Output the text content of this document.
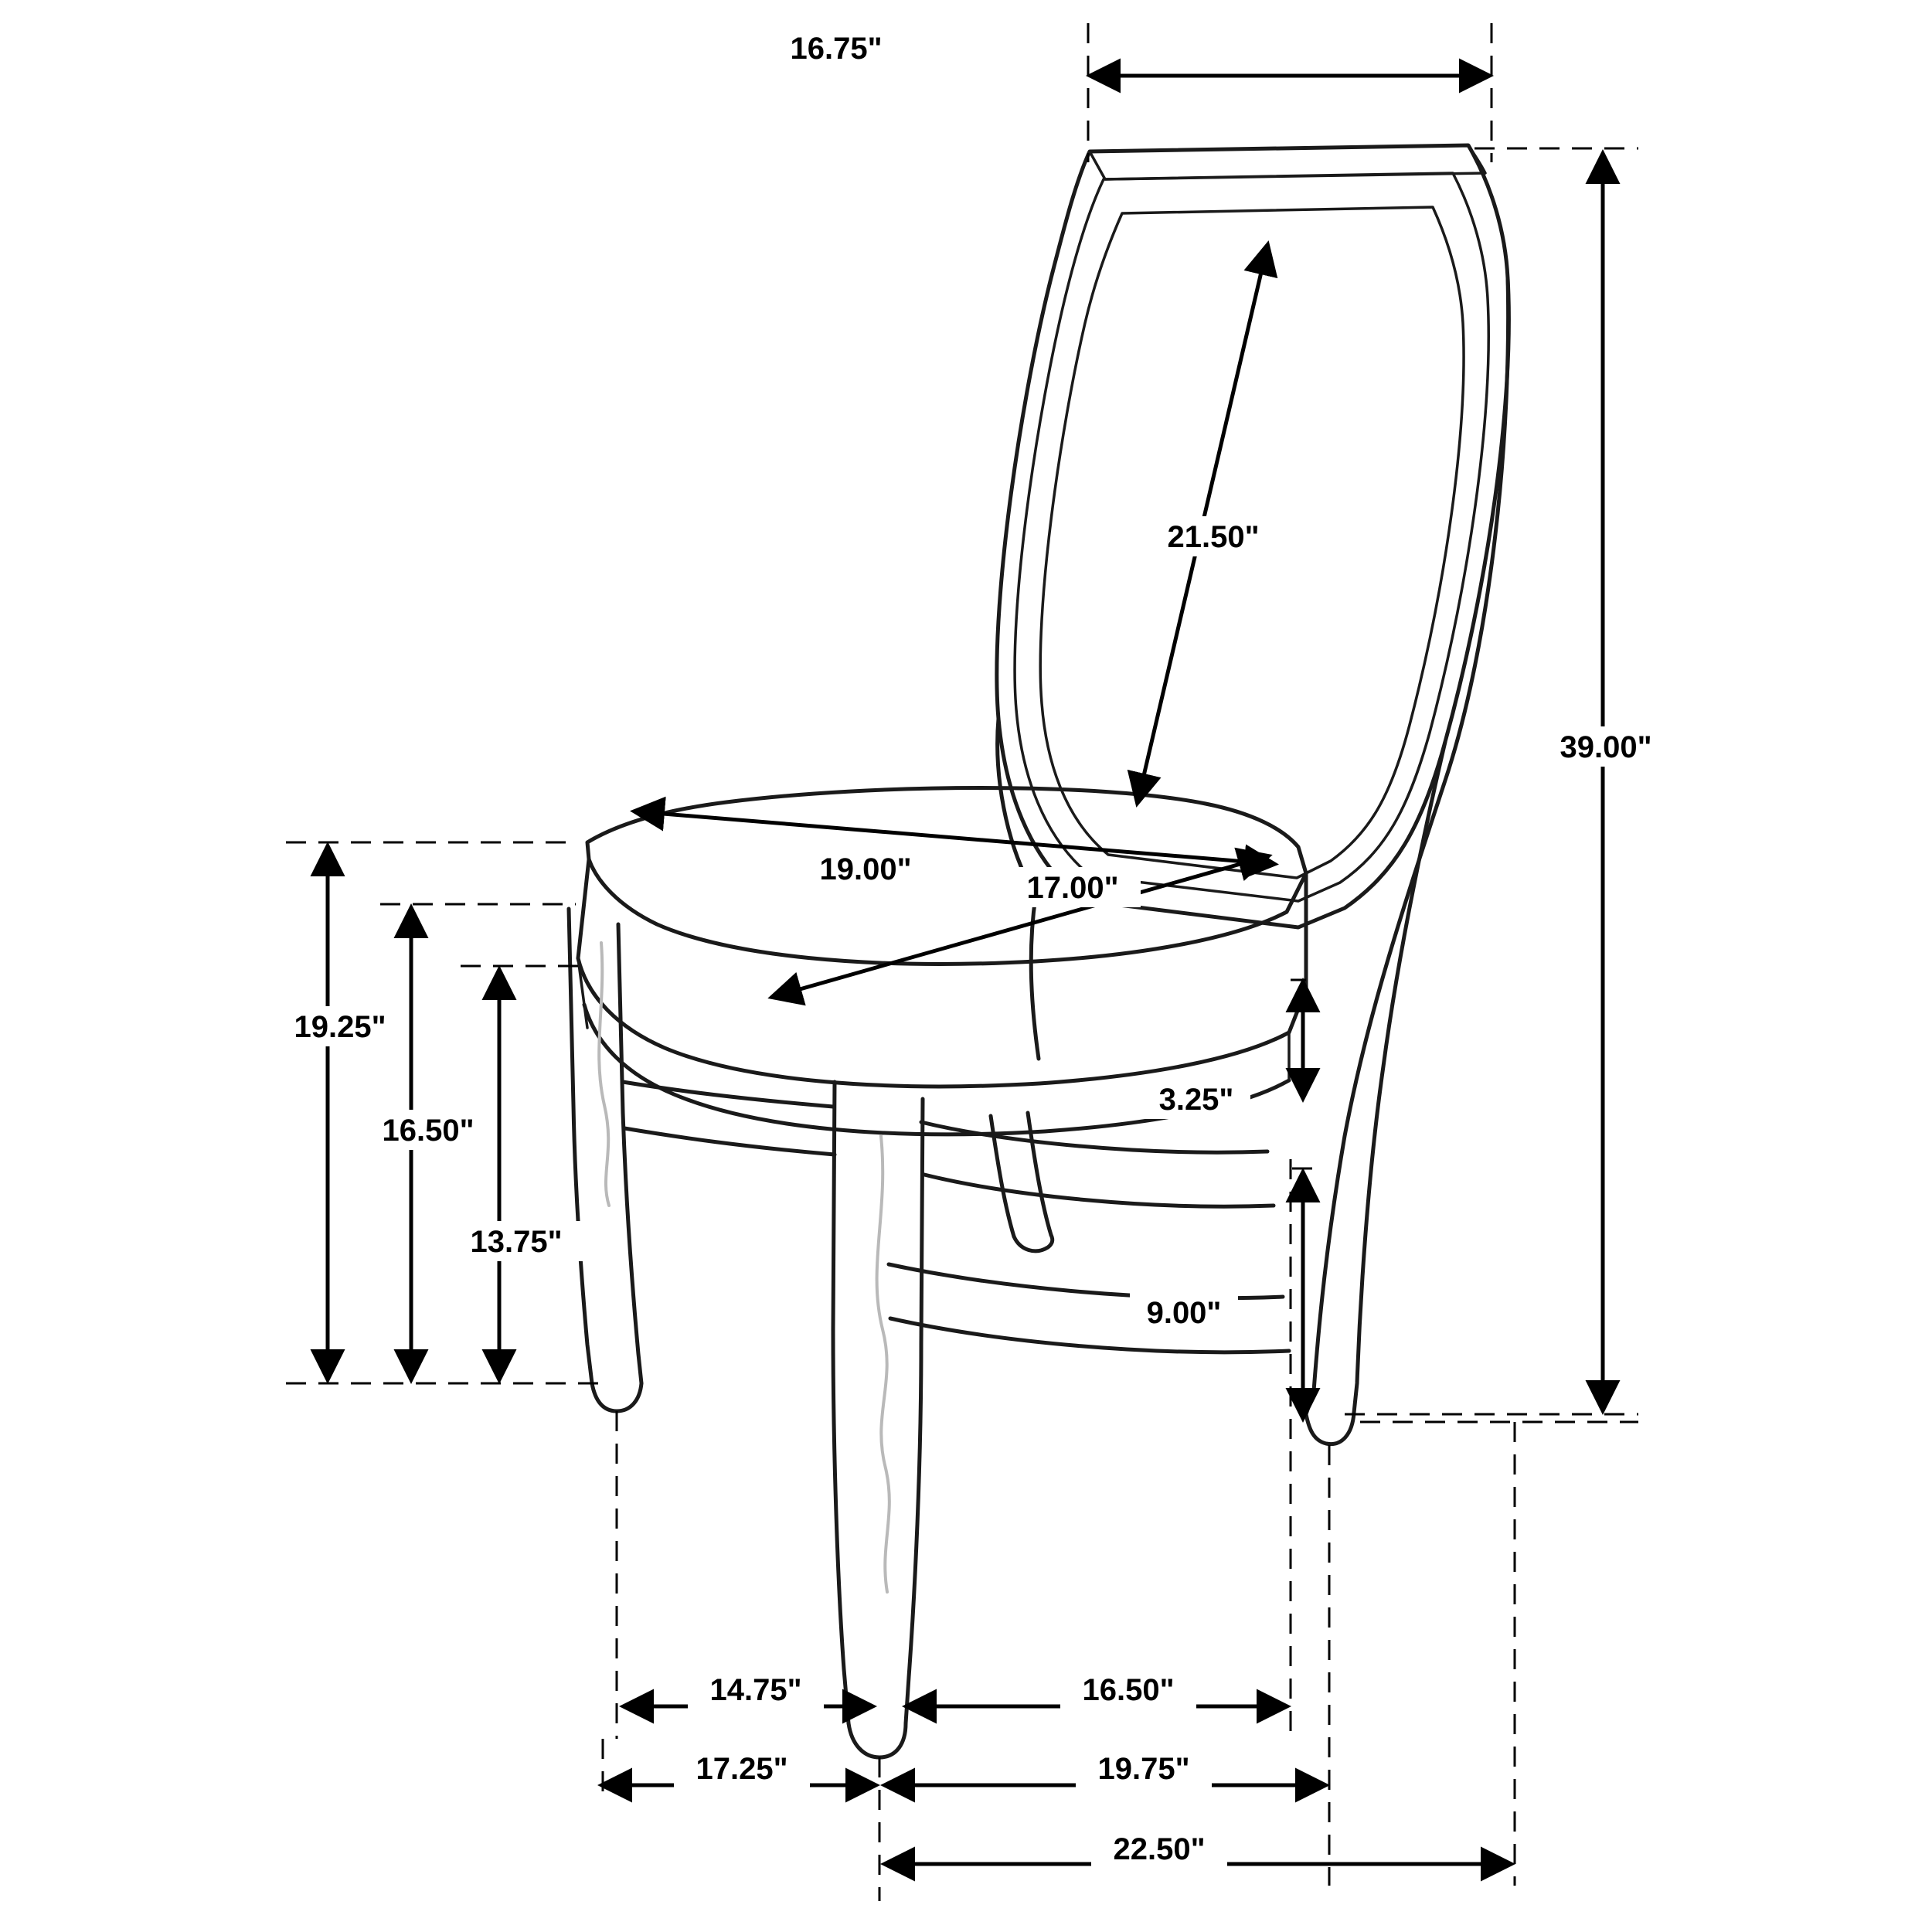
16.75"
39.00"
21.50"
19.00"
17.00"
19.25"
16.50"
13.75"
3.25"
9.00"
14.75"	16.50"
17.25"	19.75"
22.50"
